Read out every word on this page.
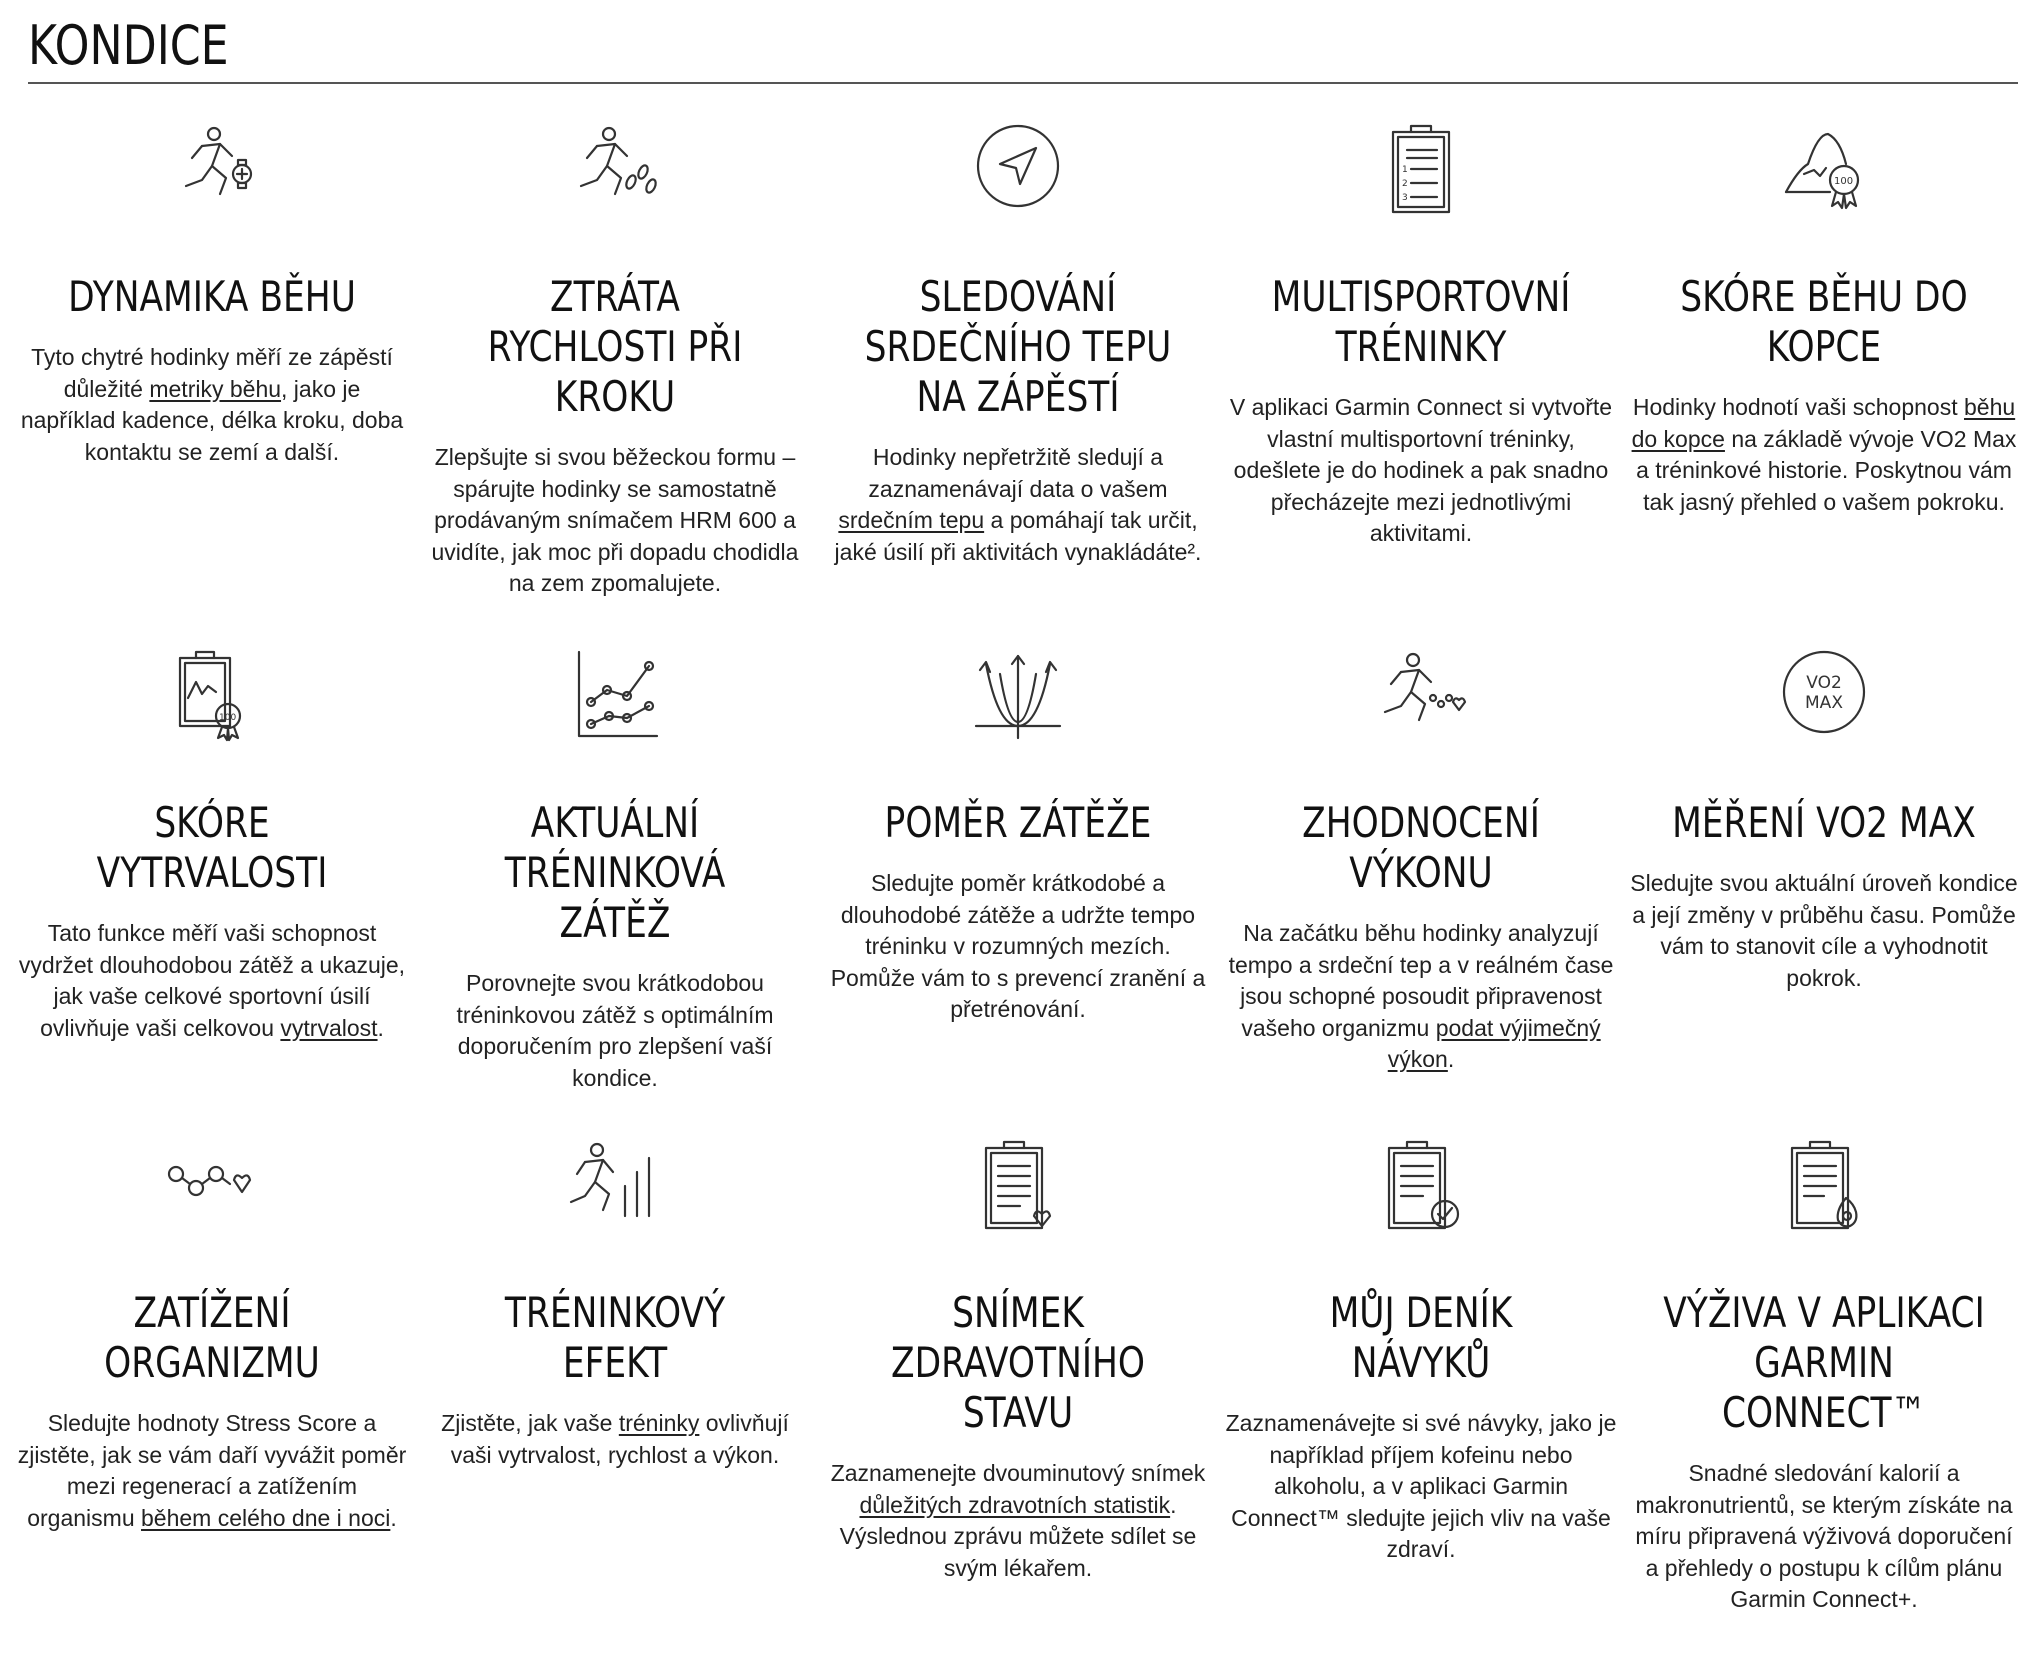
KONDICE
DYNAMIKA BĚHU

Tyto chytré hodinky měří ze zápěstí důležité metriky běhu, jako je například kadence, délka kroku, doba kontaktu se zemí a další.

ZTRÁTA RYCHLOSTI PŘI KROKU

Zlepšujte si svou běžeckou formu – spárujte hodinky se samostatně prodávaným snímačem HRM 600 a uvidíte, jak moc při dopadu chodidla na zem zpomalujete.

SLEDOVÁNÍ SRDEČNÍHO TEPU NA ZÁPĚSTÍ

Hodinky nepřetržitě sledují a zaznamenávají data o vašem srdečním tepu a pomáhají tak určit, jaké úsilí při aktivitách vynakládáte².

1
2
3
MULTISPORTOVNÍ TRÉNINKY

V aplikaci Garmin Connect si vytvořte vlastní multisportovní tréninky, odešlete je do hodinek a pak snadno přecházejte mezi jednotlivými aktivitami.

100
SKÓRE BĚHU DO KOPCE

Hodinky hodnotí vaši schopnost běhu do kopce na základě vývoje VO2 Max a tréninkové historie. Poskytnou vám tak jasný přehled o vašem pokroku.

100
SKÓRE VYTRVALOSTI

Tato funkce měří vaši schopnost vydržet dlouhodobou zátěž a ukazuje, jak vaše celkové sportovní úsilí ovlivňuje vaši celkovou vytrvalost.

AKTUÁLNÍ TRÉNINKOVÁ ZÁTĚŽ

Porovnejte svou krátkodobou tréninkovou zátěž s optimálním doporučením pro zlepšení vaší kondice.

POMĚR ZÁTĚŽE

Sledujte poměr krátkodobé a dlouhodobé zátěže a udržte tempo tréninku v rozumných mezích. Pomůže vám to s prevencí zranění a přetrénování.

ZHODNOCENÍ VÝKONU

Na začátku běhu hodinky analyzují tempo a srdeční tep a v reálném čase jsou schopné posoudit připravenost vašeho organizmu podat výjimečný výkon.

VO2
MAX
MĚŘENÍ VO2 MAX

Sledujte svou aktuální úroveň kondice a její změny v průběhu času. Pomůže vám to stanovit cíle a vyhodnotit pokrok.

ZATÍŽENÍ ORGANIZMU

Sledujte hodnoty Stress Score a zjistěte, jak se vám daří vyvážit poměr mezi regenerací a zatížením organismu během celého dne i noci.

TRÉNINKOVÝ EFEKT

Zjistěte, jak vaše tréninky ovlivňují vaši vytrvalost, rychlost a výkon.

SNÍMEK ZDRAVOTNÍHO STAVU

Zaznamenejte dvouminutový snímek důležitých zdravotních statistik. Výslednou zprávu můžete sdílet se svým lékařem.

MŮJ DENÍK NÁVYKŮ

Zaznamenávejte si své návyky, jako je například příjem kofeinu nebo alkoholu, a v aplikaci Garmin Connect™ sledujte jejich vliv na vaše zdraví.

VÝŽIVA V APLIKACI GARMIN CONNECT™

Snadné sledování kalorií a makronutrientů, se kterým získáte na míru připravená výživová doporučení a přehledy o postupu k cílům plánu Garmin Connect+.
